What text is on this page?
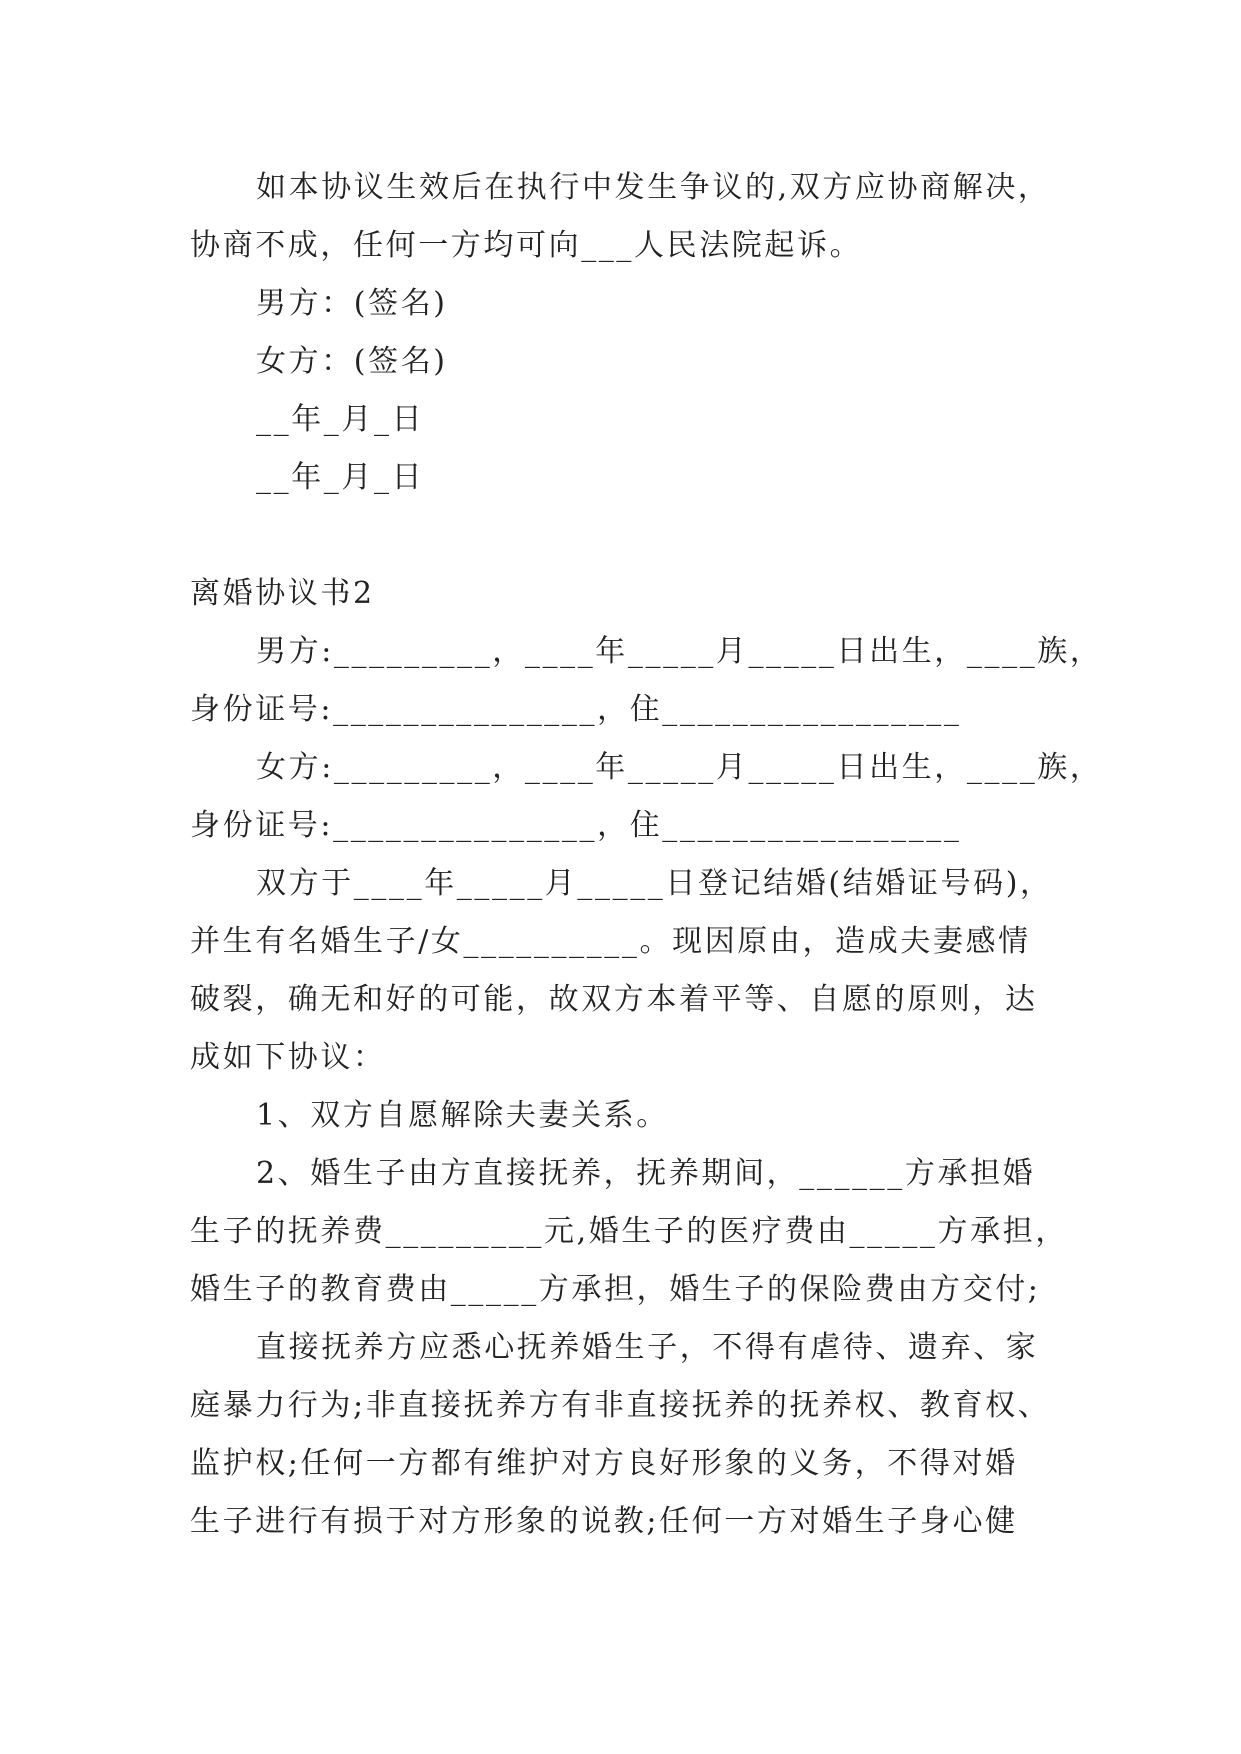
如本协议生效后在执行中发生争议的,双方应协商解决，
协商不成，任何一方均可向___人民法院起诉。
男方：(签名)
女方：(签名)
__年_月_日
__年_月_日
离婚协议书2
男方:_________，____年_____月_____日出生，____族，
身份证号:_______________，住_________________
女方:_________，____年_____月_____日出生，____族，
身份证号:_______________，住_________________
双方于____年_____月_____日登记结婚(结婚证号码)，
并生有名婚生子/女__________。现因原由，造成夫妻感情
破裂，确无和好的可能，故双方本着平等、自愿的原则，达
成如下协议：
1、双方自愿解除夫妻关系。
2、婚生子由方直接抚养，抚养期间，______方承担婚
生子的抚养费_________元,婚生子的医疗费由_____方承担，
婚生子的教育费由_____方承担，婚生子的保险费由方交付;
直接抚养方应悉心抚养婚生子，不得有虐待、遗弃、家
庭暴力行为;非直接抚养方有非直接抚养的抚养权、教育权、
监护权;任何一方都有维护对方良好形象的义务，不得对婚
生子进行有损于对方形象的说教;任何一方对婚生子身心健
